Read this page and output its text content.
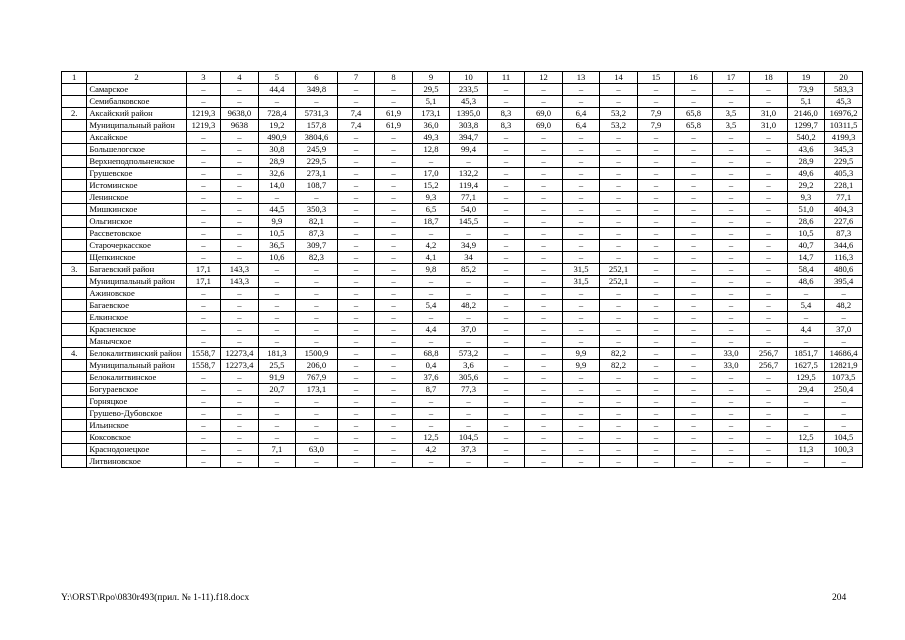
1	2	3	4	5	6	7	8	9	10	11	12	13	14	15	16	17	18	19	20
	Самарское	–	–	44,4	349,8	–	–	29,5	233,5	–	–	–	–	–	–	–	–	73,9	583,3
	Семибалковское	–	–	–	–	–	–	5,1	45,3	–	–	–	–	–	–	–	–	5,1	45,3
2.	Аксайский район	1219,3	9638,0	728,4	5731,3	7,4	61,9	173,1	1395,0	8,3	69,0	6,4	53,2	7,9	65,8	3,5	31,0	2146,0	16976,2
	Муниципальный район	1219,3	9638	19,2	157,8	7,4	61,9	36,0	303,8	8,3	69,0	6,4	53,2	7,9	65,8	3,5	31,0	1299,7	10311,5
	Аксайское	–	–	490,9	3804,6	–	–	49,3	394,7	–	–	–	–	–	–	–	–	540,2	4199,3
	Большелогское	–	–	30,8	245,9	–	–	12,8	99,4	–	–	–	–	–	–	–	–	43,6	345,3
	Верхнеподпольненское	–	–	28,9	229,5	–	–	–	–	–	–	–	–	–	–	–	–	28,9	229,5
	Грушевское	–	–	32,6	273,1	–	–	17,0	132,2	–	–	–	–	–	–	–	–	49,6	405,3
	Истоминское	–	–	14,0	108,7	–	–	15,2	119,4	–	–	–	–	–	–	–	–	29,2	228,1
	Ленинское	–	–	–	–	–	–	9,3	77,1	–	–	–	–	–	–	–	–	9,3	77,1
	Мишкинское	–	–	44,5	350,3	–	–	6,5	54,0	–	–	–	–	–	–	–	–	51,0	404,3
	Ольгинское	–	–	9,9	82,1	–	–	18,7	145,5	–	–	–	–	–	–	–	–	28,6	227,6
	Рассветовское	–	–	10,5	87,3	–	–	–	–	–	–	–	–	–	–	–	–	10,5	87,3
	Старочеркасское	–	–	36,5	309,7	–	–	4,2	34,9	–	–	–	–	–	–	–	–	40,7	344,6
	Щепкинское	–	–	10,6	82,3	–	–	4,1	34	–	–	–	–	–	–	–	–	14,7	116,3
3.	Багаевский район	17,1	143,3	–	–	–	–	9,8	85,2	–	–	31,5	252,1	–	–	–	–	58,4	480,6
	Муниципальный район	17,1	143,3	–	–	–	–	–	–	–	–	31,5	252,1	–	–	–	–	48,6	395,4
	Ажиновское	–	–	–	–	–	–	–	–	–	–	–	–	–	–	–	–	–	–
	Багаевское	–	–	–	–	–	–	5,4	48,2	–	–	–	–	–	–	–	–	5,4	48,2
	Елкинское	–	–	–	–	–	–	–	–	–	–	–	–	–	–	–	–	–	–
	Красненское	–	–	–	–	–	–	4,4	37,0	–	–	–	–	–	–	–	–	4,4	37,0
	Манычское	–	–	–	–	–	–	–	–	–	–	–	–	–	–	–	–	–	–
4.	Белокалитвинский район	1558,7	12273,4	181,3	1500,9	–	–	68,8	573,2	–	–	9,9	82,2	–	–	33,0	256,7	1851,7	14686,4
	Муниципальный район	1558,7	12273,4	25,5	206,0	–	–	0,4	3,6	–	–	9,9	82,2	–	–	33,0	256,7	1627,5	12821,9
	Белокалитвинское	–	–	91,9	767,9	–	–	37,6	305,6	–	–	–	–	–	–	–	–	129,5	1073,5
	Богураевское	–	–	20,7	173,1	–	–	8,7	77,3	–	–	–	–	–	–	–	–	29,4	250,4
	Горняцкое	–	–	–	–	–	–	–	–	–	–	–	–	–	–	–	–	–	–
	Грушево-Дубовское	–	–	–	–	–	–	–	–	–	–	–	–	–	–	–	–	–	–
	Ильинское	–	–	–	–	–	–	–	–	–	–	–	–	–	–	–	–	–	–
	Коксовское	–	–	–	–	–	–	12,5	104,5	–	–	–	–	–	–	–	–	12,5	104,5
	Краснодонецкое	–	–	7,1	63,0	–	–	4,2	37,3	–	–	–	–	–	–	–	–	11,3	100,3
	Литвиновское	–	–	–	–	–	–	–	–	–	–	–	–	–	–	–	–	–	–
Y:\ORST\Rpo\0830r493(прил. № 1-11).f18.docx	204
